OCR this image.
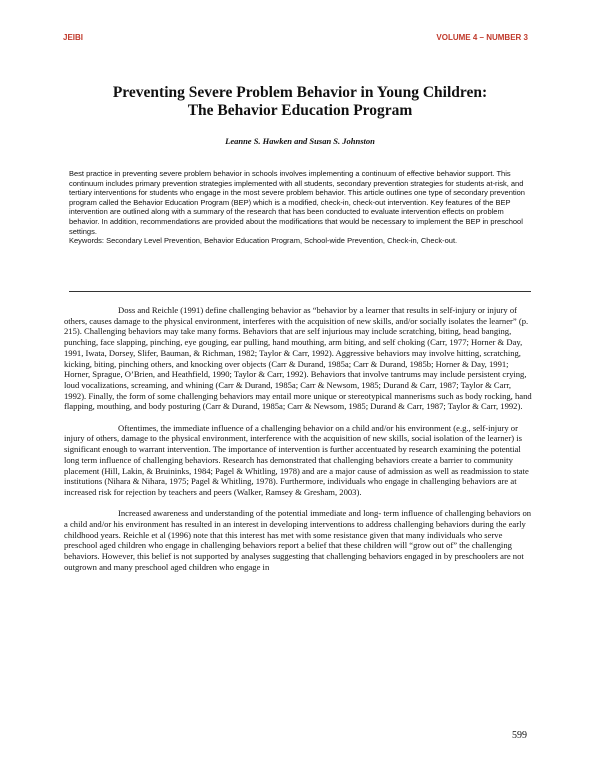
JEIBI	VOLUME 4 – NUMBER 3
Preventing Severe Problem Behavior in Young Children:
The Behavior Education Program
Leanne S. Hawken and Susan S. Johnston

Best practice in preventing severe problem behavior in schools involves implementing a continuum of effective behavior support. This continuum includes primary prevention strategies implemented with all students, secondary prevention strategies for students at-risk, and tertiary interventions for students who engage in the most severe problem behavior. This article outlines one type of secondary prevention program called the Behavior Education Program (BEP) which is a modified, check-in, check-out intervention. Key features of the BEP intervention are outlined along with a summary of the research that has been conducted to evaluate intervention effects on problem behavior. In addition, recommendations are provided about the modifications that would be necessary to implement the BEP in preschool settings.

Keywords: Secondary Level Prevention, Behavior Education Program, School-wide Prevention, Check-in, Check-out.

Doss and Reichle (1991) define challenging behavior as “behavior by a learner that results in self-injury or injury of others, causes damage to the physical environment, interferes with the acquisition of new skills, and/or socially isolates the learner” (p. 215). Challenging behaviors may take many forms. Behaviors that are self injurious may include scratching, biting, head banging, punching, face slapping, pinching, eye gouging, ear pulling, hand mouthing, arm biting, and self choking (Carr, 1977; Horner & Day, 1991, Iwata, Dorsey, Slifer, Bauman, & Richman, 1982; Taylor & Carr, 1992). Aggressive behaviors may involve hitting, scratching, kicking, biting, pinching others, and knocking over objects (Carr & Durand, 1985a; Carr & Durand, 1985b; Horner & Day, 1991; Horner, Sprague, O’Brien, and Heathfield, 1990; Taylor & Carr, 1992). Behaviors that involve tantrums may include persistent crying, loud vocalizations, screaming, and whining (Carr & Durand, 1985a; Carr & Newsom, 1985; Durand & Carr, 1987; Taylor & Carr, 1992). Finally, the form of some challenging behaviors may entail more unique or stereotypical mannerisms such as body rocking, hand flapping, mouthing, and body posturing (Carr & Durand, 1985a; Carr & Newsom, 1985; Durand & Carr, 1987; Taylor & Carr, 1992).

Oftentimes, the immediate influence of a challenging behavior on a child and/or his environment (e.g., self-injury or injury of others, damage to the physical environment, interference with the acquisition of new skills, social isolation of the learner) is significant enough to warrant intervention. The importance of intervention is further accentuated by research examining the potential long term influence of challenging behaviors. Research has demonstrated that challenging behaviors create a barrier to community placement (Hill, Lakin, & Bruininks, 1984; Pagel & Whitling, 1978) and are a major cause of admission as well as readmission to state institutions (Nihara & Nihara, 1975; Pagel & Whitling, 1978). Furthermore, individuals who engage in challenging behaviors are at increased risk for rejection by teachers and peers (Walker, Ramsey & Gresham, 2003).

Increased awareness and understanding of the potential immediate and long- term influence of challenging behaviors on a child and/or his environment has resulted in an interest in developing interventions to address challenging behaviors during the early childhood years. Reichle et al (1996) note that this interest has met with some resistance given that many individuals who serve preschool aged children who engage in challenging behaviors report a belief that these children will “grow out of” the challenging behaviors. However, this belief is not supported by analyses suggesting that challenging behaviors engaged in by preschoolers are not outgrown and many preschool aged children who engage in

599
